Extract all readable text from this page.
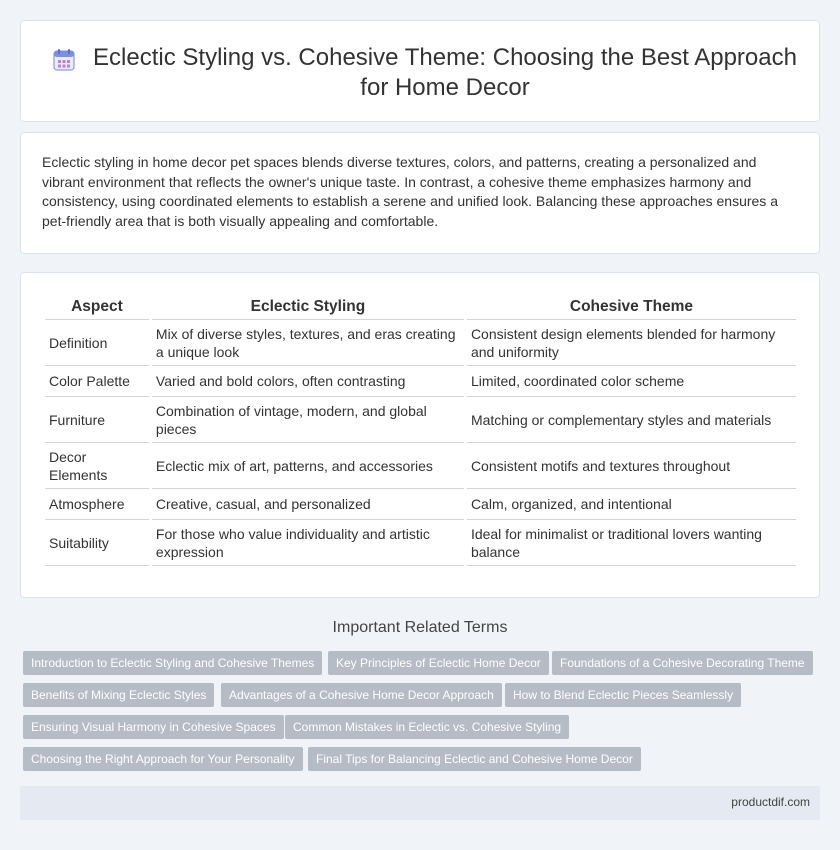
Eclectic Styling vs. Cohesive Theme: Choosing the Best Approach for Home Decor

Eclectic styling in home decor pet spaces blends diverse textures, colors, and patterns, creating a personalized and vibrant environment that reflects the owner's unique taste. In contrast, a cohesive theme emphasizes harmony and consistency, using coordinated elements to establish a serene and unified look. Balancing these approaches ensures a pet-friendly area that is both visually appealing and comfortable.

Aspect	Eclectic Styling	Cohesive Theme
Definition	Mix of diverse styles, textures, and eras creating a unique look	Consistent design elements blended for harmony and uniformity
Color Palette	Varied and bold colors, often contrasting	Limited, coordinated color scheme
Furniture	Combination of vintage, modern, and global pieces	Matching or complementary styles and materials
Decor Elements	Eclectic mix of art, patterns, and accessories	Consistent motifs and textures throughout
Atmosphere	Creative, casual, and personalized	Calm, organized, and intentional
Suitability	For those who value individuality and artistic expression	Ideal for minimalist or traditional lovers wanting balance
Important Related Terms
Introduction to Eclectic Styling and Cohesive Themes	Key Principles of Eclectic Home Decor	Foundations of a Cohesive Decorating Theme
Benefits of Mixing Eclectic Styles	Advantages of a Cohesive Home Decor Approach	How to Blend Eclectic Pieces Seamlessly
Ensuring Visual Harmony in Cohesive Spaces	Common Mistakes in Eclectic vs. Cohesive Styling
Choosing the Right Approach for Your Personality	Final Tips for Balancing Eclectic and Cohesive Home Decor
productdif.com
